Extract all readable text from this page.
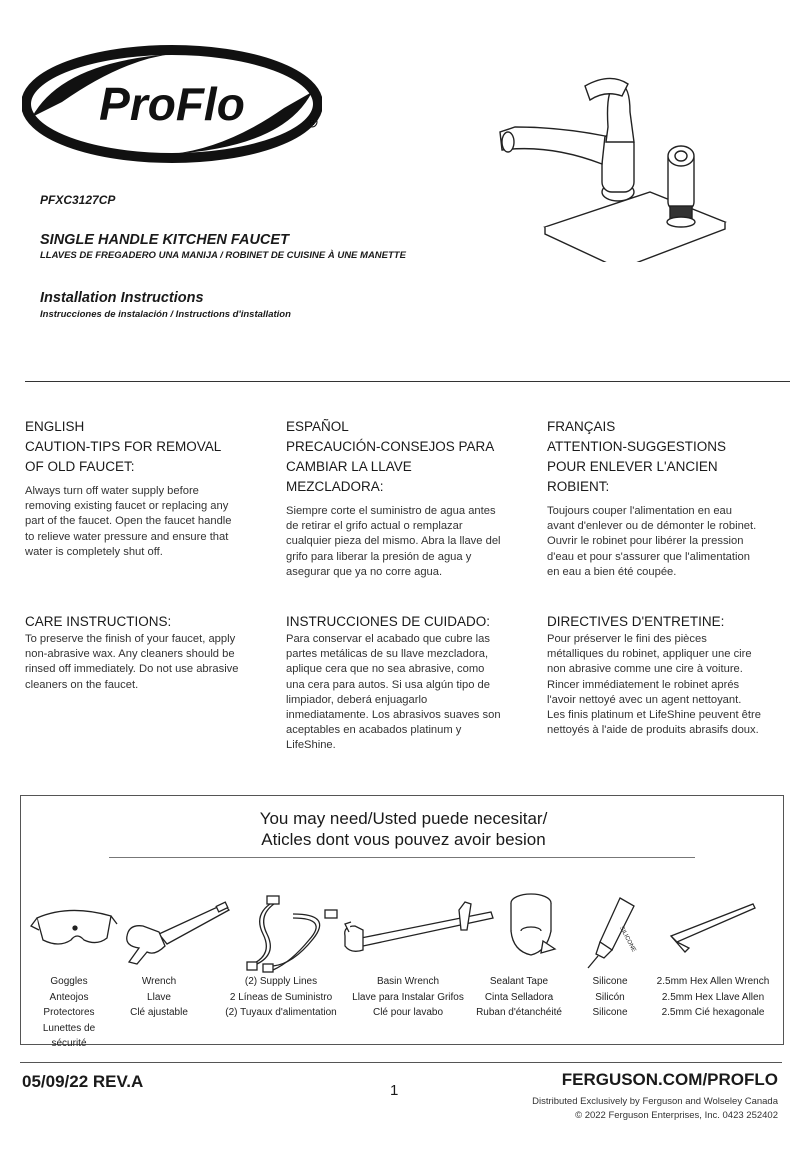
ProFlo	R
PFXC3127CP
SINGLE HANDLE KITCHEN FAUCET
LLAVES DE FREGADERO UNA MANIJA / ROBINET DE CUISINE À UNE MANETTE
Installation Instructions
Instrucciones de instalación / Instructions d'installation
ENGLISH
CAUTION-TIPS FOR REMOVAL OF OLD FAUCET:
Always turn off water supply before removing existing faucet or replacing any part of the faucet. Open the faucet handle to relieve water pressure and ensure that water is completely shut off.
CARE INSTRUCTIONS:
To preserve the finish of your faucet, apply non-abrasive wax. Any cleaners should be rinsed off immediately. Do not use abrasive cleaners on the faucet.
ESPAÑOL
PRECAUCIÓN-CONSEJOS PARA CAMBIAR LA LLAVE MEZCLADORA:
Siempre corte el suministro de agua antes de retirar el grifo actual o remplazar cualquier pieza del mismo. Abra la llave del grifo para liberar la presión de agua y asegurar que ya no corre agua.
INSTRUCCIONES DE CUIDADO:
Para conservar el acabado que cubre las partes metálicas de su llave mezcladora, aplique cera que no sea abrasive, como una cera para autos. Si usa algún tipo de limpiador, deberá enjuagarlo inmediatamente. Los abrasivos suaves son aceptables en acabados platinum y LifeShine.
FRANÇAIS
ATTENTION-SUGGESTIONS POUR ENLEVER L'ANCIEN ROBIENT:
Toujours couper l'alimentation en eau avant d'enlever ou de démonter le robinet. Ouvrir le robinet pour libérer la pression d'eau et pour s'assurer que l'alimentation en eau a bien été coupée.
DIRECTIVES D'ENTRETINE:
Pour préserver le fini des pièces métalliques du robinet, appliquer une cire non abrasive comme une cire à voiture. Rincer immédiatement le robinet aprés l'avoir nettoyé avec un agent nettoyant. Les finis platinum et LifeShine peuvent être nettoyés à l'aide de produits abrasifs doux.
You may need/Usted puede necesitar/
Aticles dont vous pouvez avoir besion
SILICONE
Goggles
Anteojos Protectores
Lunettes de sécurité
Wrench
Llave
Clé ajustable
(2) Supply Lines
2 Líneas de Suministro
(2) Tuyaux d'alimentation
Basin Wrench
Llave para Instalar Grifos
Clé pour lavabo
Sealant Tape
Cinta Selladora
Ruban d'étanchéité
Silicone
Silicón
Silicone
2.5mm Hex Allen Wrench
2.5mm Hex Llave Allen
2.5mm Cié hexagonale
05/09/22 REV.A	1
FERGUSON.COM/PROFLO
Distributed Exclusively by Ferguson and Wolseley Canada
© 2022 Ferguson Enterprises, Inc. 0423 252402
